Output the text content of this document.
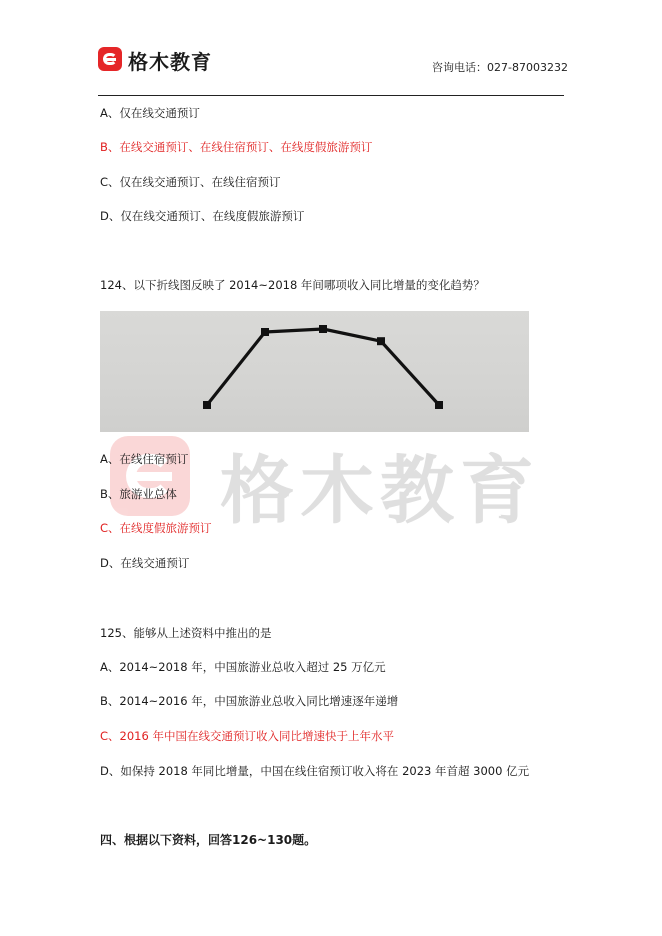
格木教育	咨询电话：027-87003232
A、仅在线交通预订
B、在线交通预订、在线住宿预订、在线度假旅游预订
C、仅在线交通预订、在线住宿预订
D、仅在线交通预订、在线度假旅游预订
124、以下折线图反映了 2014~2018 年间哪项收入同比增量的变化趋势？
格木教育
A、在线住宿预订
B、旅游业总体
C、在线度假旅游预订
D、在线交通预订
125、能够从上述资料中推出的是
A、2014~2018 年，中国旅游业总收入超过 25 万亿元
B、2014~2016 年，中国旅游业总收入同比增速逐年递增
C、2016 年中国在线交通预订收入同比增速快于上年水平
D、如保持 2018 年同比增量，中国在线住宿预订收入将在 2023 年首超 3000 亿元
四、根据以下资料，回答126~130题。
